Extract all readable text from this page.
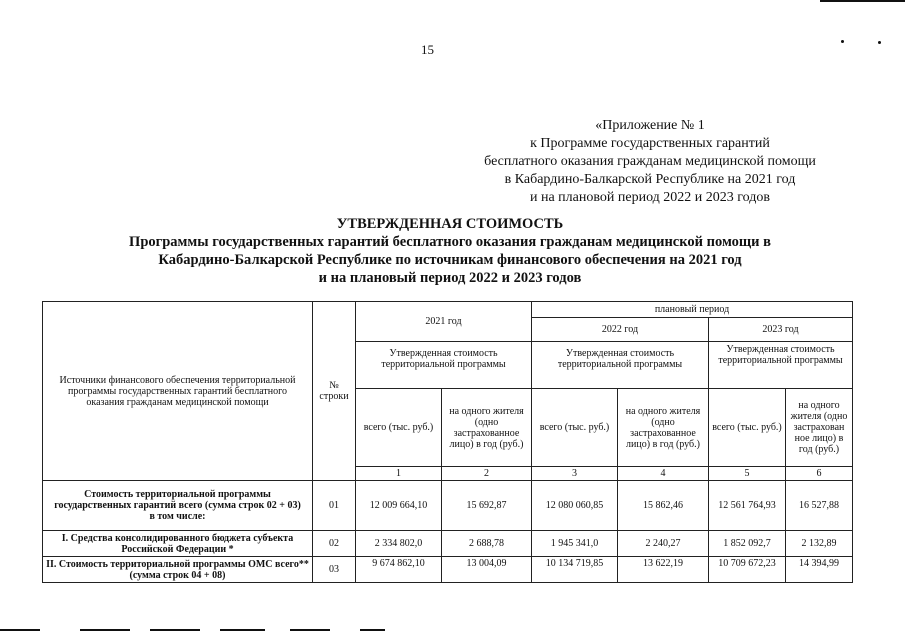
15
«Приложение № 1
к Программе государственных гарантий
бесплатного оказания гражданам медицинской помощи
в Кабардино-Балкарской Республике на 2021 год
и на плановой период 2022 и 2023 годов
УТВЕРЖДЕННАЯ СТОИМОСТЬ
Программы государственных гарантий бесплатного оказания гражданам медицинской помощи в
Кабардино-Балкарской Республике по источникам финансового обеспечения на 2021 год
и на плановый период 2022 и 2023 годов
Источники финансового обеспечения территориальной программы государственных гарантий бесплатного оказания гражданам медицинской помощи	№ строки	2021 год		плановый период				
				2022 год		2023 год		
		Утвержденная стоимость территориальной программы		Утвержденная стоимость территориальной программы		Утвержденная стоимость территориальной программы		
		всего (тыс. руб.)	на одного жителя (одно застрахованное лицо) в год (руб.)	всего (тыс. руб.)	на одного жителя (одно застрахованное лицо) в год (руб.)	всего (тыс. руб.)	на одного жителя (одно застрахован ное лицо) в год (руб.)	
		1	2	3	4	5	6		
Стоимость территориальной программы государственных гарантий всего (сумма строк 02 + 03)
в том числе:	01	12 009 664,10	15 692,87	12 080 060,85	15 862,46	12 561 764,93	16 527,88	
I. Средства консолидированного бюджета субъекта Российской Федерации *	02	2 334 802,0	2 688,78	1 945 341,0	2 240,27	1 852 092,7	2 132,89	
II. Стоимость территориальной программы ОМС всего** (сумма строк 04 + 08)	03	9 674 862,10	13 004,09	10 134 719,85	13 622,19	10 709 672,23	14 394,99	
